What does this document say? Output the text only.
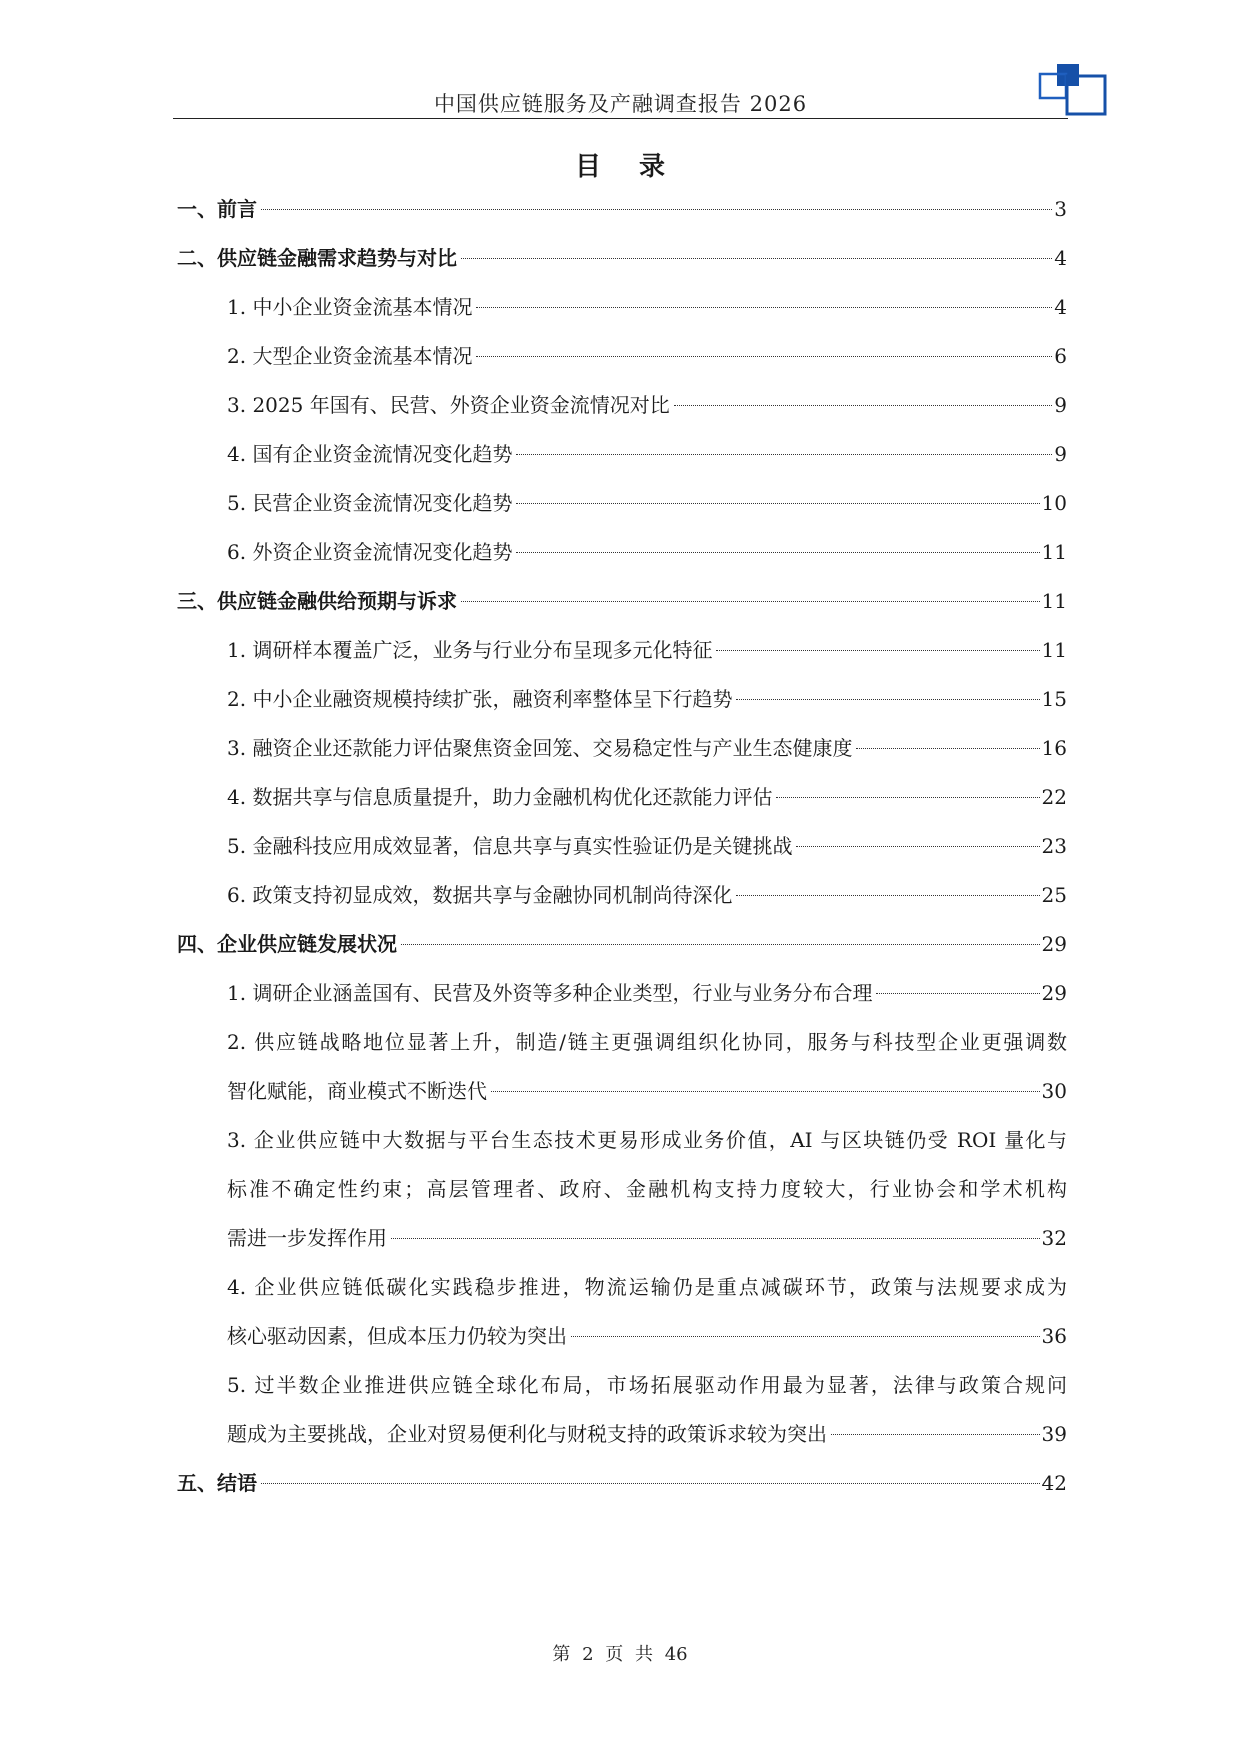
中国供应链服务及产融调查报告 2026
目录
一、前言	3
二、供应链金融需求趋势与对比	4
1. 中小企业资金流基本情况	4
2. 大型企业资金流基本情况	6
3. 2025 年国有、民营、外资企业资金流情况对比	9
4. 国有企业资金流情况变化趋势	9
5. 民营企业资金流情况变化趋势	10
6. 外资企业资金流情况变化趋势	11
三、供应链金融供给预期与诉求	11
1. 调研样本覆盖广泛，业务与行业分布呈现多元化特征	11
2. 中小企业融资规模持续扩张，融资利率整体呈下行趋势	15
3. 融资企业还款能力评估聚焦资金回笼、交易稳定性与产业生态健康度	16
4. 数据共享与信息质量提升，助力金融机构优化还款能力评估	22
5. 金融科技应用成效显著，信息共享与真实性验证仍是关键挑战	23
6. 政策支持初显成效，数据共享与金融协同机制尚待深化	25
四、企业供应链发展状况	29
1. 调研企业涵盖国有、民营及外资等多种企业类型，行业与业务分布合理	29
2. 供应链战略地位显著上升，制造/链主更强调组织化协同，服务与科技型企业更强调数
智化赋能，商业模式不断迭代	30
3. 企业供应链中大数据与平台生态技术更易形成业务价值，AI 与区块链仍受 ROI 量化与
标准不确定性约束；高层管理者、政府、金融机构支持力度较大，行业协会和学术机构
需进一步发挥作用	32
4. 企业供应链低碳化实践稳步推进，物流运输仍是重点减碳环节，政策与法规要求成为
核心驱动因素，但成本压力仍较为突出	36
5. 过半数企业推进供应链全球化布局，市场拓展驱动作用最为显著，法律与政策合规问
题成为主要挑战，企业对贸易便利化与财税支持的政策诉求较为突出	39
五、结语	42
第 2 页 共 46
